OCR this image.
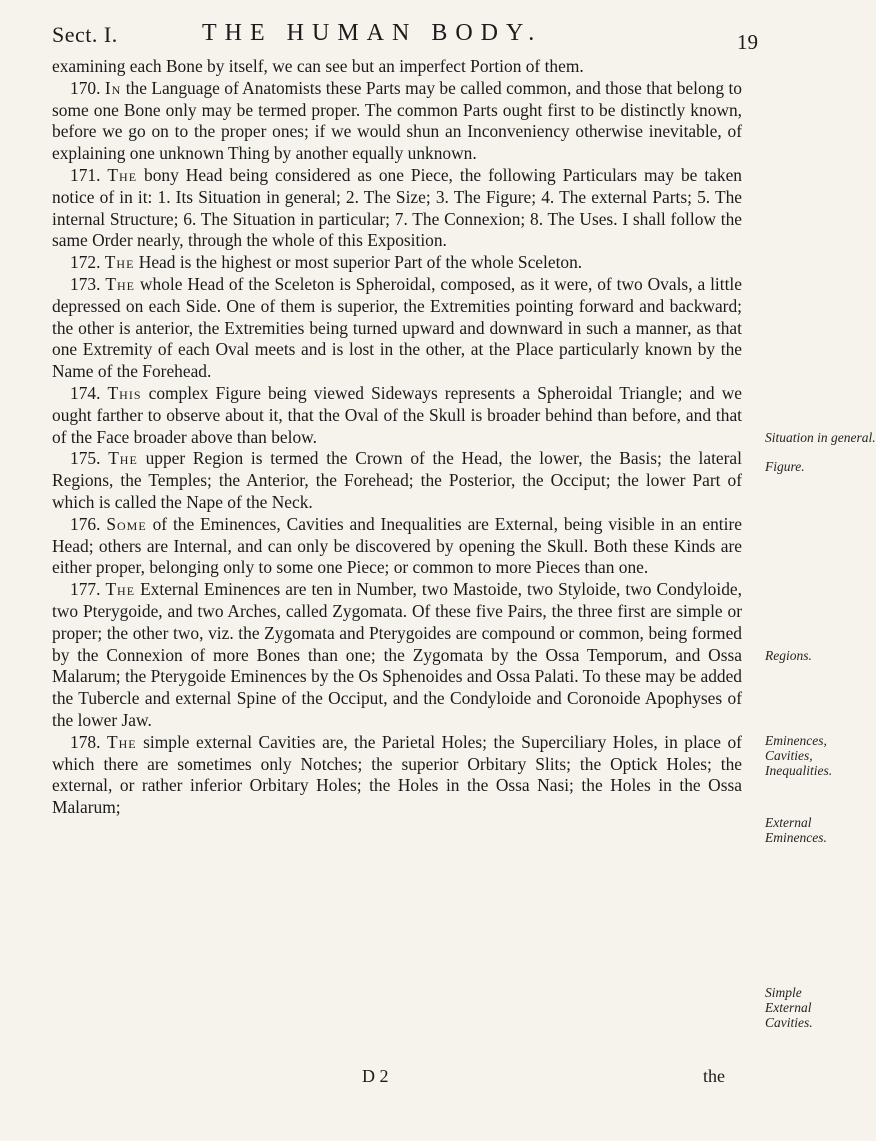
Sect. I.	THE HUMAN BODY.	19

examining each Bone by itself, we can see but an imperfect Portion of them.

170. In the Language of Anatomists these Parts may be called common, and those that belong to some one Bone only may be termed proper. The common Parts ought first to be distinctly known, before we go on to the proper ones; if we would shun an Inconveniency otherwise inevitable, of explaining one unknown Thing by another equally unknown.

171. The bony Head being considered as one Piece, the following Particulars may be taken notice of in it: 1. Its Situation in general; 2. The Size; 3. The Figure; 4. The external Parts; 5. The internal Structure; 6. The Situation in particular; 7. The Connexion; 8. The Uses. I shall follow the same Order nearly, through the whole of this Exposition.

172. The Head is the highest or most superior Part of the whole Sceleton.

173. The whole Head of the Sceleton is Spheroidal, composed, as it were, of two Ovals, a little depressed on each Side. One of them is superior, the Extremities pointing forward and backward; the other is anterior, the Extremities being turned upward and downward in such a manner, as that one Extremity of each Oval meets and is lost in the other, at the Place particularly known by the Name of the Forehead.

174. This complex Figure being viewed Sideways represents a Spheroidal Triangle; and we ought farther to observe about it, that the Oval of the Skull is broader behind than before, and that of the Face broader above than below.

175. The upper Region is termed the Crown of the Head, the lower, the Basis; the lateral Regions, the Temples; the Anterior, the Forehead; the Posterior, the Occiput; the lower Part of which is called the Nape of the Neck.

176. Some of the Eminences, Cavities and Inequalities are External, being visible in an entire Head; others are Internal, and can only be discovered by opening the Skull. Both these Kinds are either proper, belonging only to some one Piece; or common to more Pieces than one.

177. The External Eminences are ten in Number, two Mastoide, two Styloide, two Condyloide, two Pterygoide, and two Arches, called Zygomata. Of these five Pairs, the three first are simple or proper; the other two, viz. the Zygomata and Pterygoides are compound or common, being formed by the Connexion of more Bones than one; the Zygomata by the Ossa Temporum, and Ossa Malarum; the Pterygoide Eminences by the Os Sphenoides and Ossa Palati. To these may be added the Tubercle and external Spine of the Occiput, and the Condyloide and Coronoide Apophyses of the lower Jaw.

178. The simple external Cavities are, the Parietal Holes; the Superciliary Holes, in place of which there are sometimes only Notches; the superior Orbitary Slits; the Optick Holes; the external, or rather inferior Orbitary Holes; the Holes in the Ossa Nasi; the Holes in the Ossa Malarum;

Situation in general.
Figure.
Regions.
Eminences,
Cavities,
Inequalities.
External
Eminences.
Simple
External
Cavities.
D 2	the
